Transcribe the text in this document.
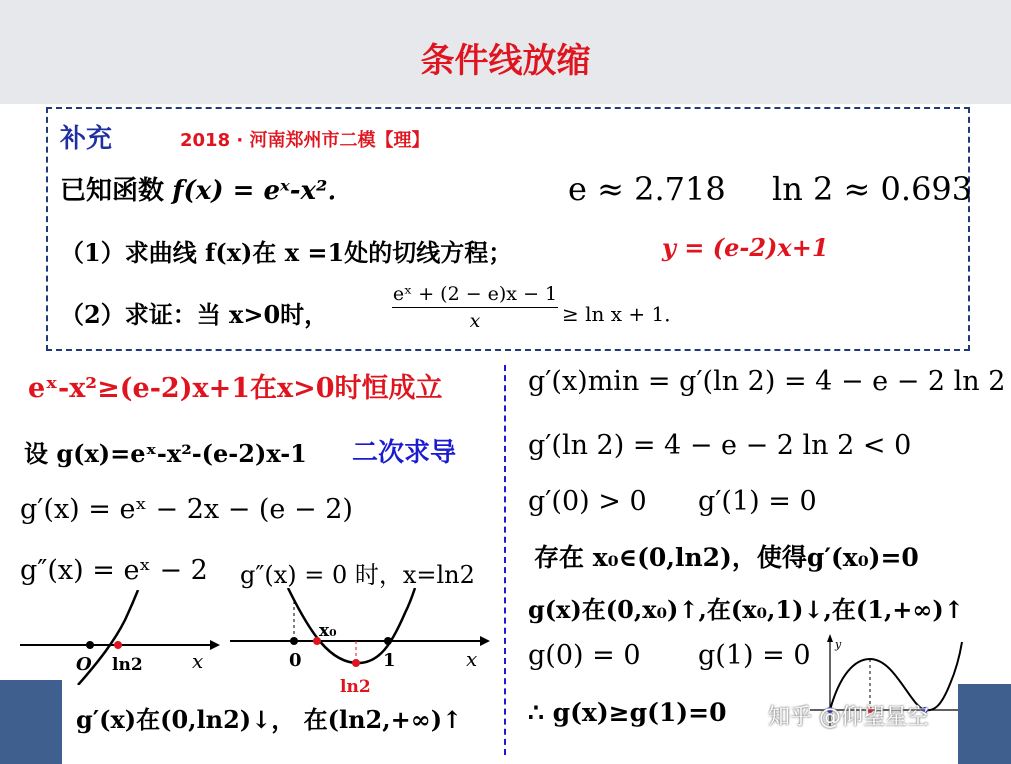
条件线放缩
补充	2018 · 河南郑州市二模【理】
已知函数 f(x) = eˣ-x²．	e ≈ 2.718 ln 2 ≈ 0.693
（1）求曲线 f(x)在 x =1处的切线方程；	y = (e-2)x+1
（2）求证：当 x>0时，	$\frac{\text{eˣ + (2 − e)x − 1}}{x} \ge \ln x + 1$．
eˣ-x²≥(e-2)x+1在x>0时恒成立
设 g(x)=eˣ-x²-(e-2)x-1 二次求导
g′(x) = eˣ − 2x − (e − 2)
g″(x) = eˣ − 2 g″(x) = 0 时，x=ln2
O ln2 x	0
x₀
1	x
ln2
g′(x)在(0,ln2)↓， 在(ln2,+∞)↑
g′(x)min = g′(ln 2) = 4 − e − 2 ln 2
g′(ln 2) = 4 − e − 2 ln 2 < 0
g′(0) > 0 g′(1) = 0
存在 x₀∈(0,ln2)，使得g′(x₀)=0
g(x)在(0,x₀)↑,在(x₀,1)↓,在(1,+∞)↑
g(0) = 0 g(1) = 0
∴ g(x)≥g(1)=0
y
知乎 @仰望星空
